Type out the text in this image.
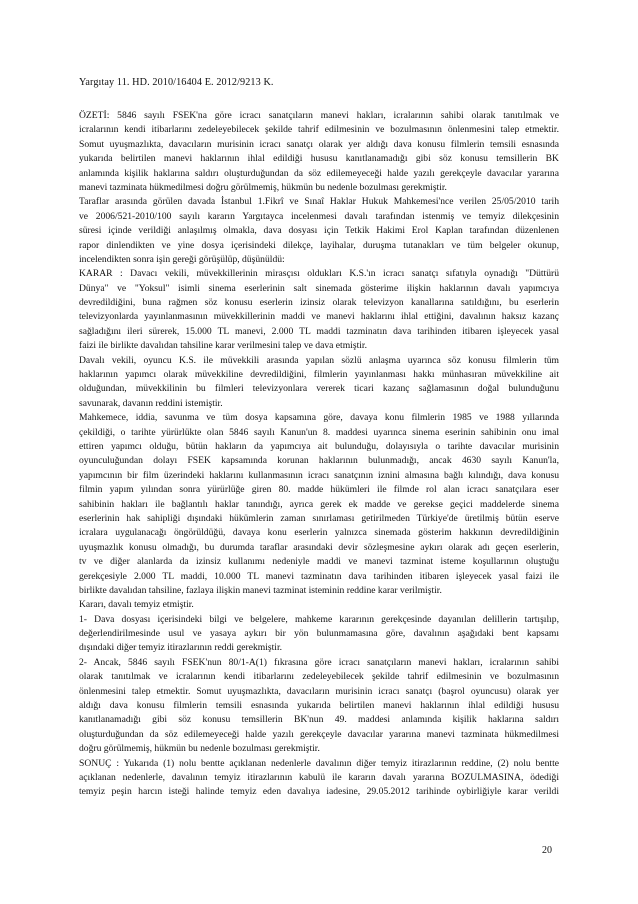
Yargıtay 11. HD. 2010/16404 E. 2012/9213 K.
ÖZETİ: 5846 sayılı FSEK'na göre icracı sanatçıların manevi hakları, icralarının sahibi olarak tanıtılmak ve
icralarının kendi itibarlarını zedeleyebilecek şekilde tahrif edilmesinin ve bozulmasının önlenmesini talep etmektir.
Somut uyuşmazlıkta, davacıların murisinin icracı sanatçı olarak yer aldığı dava konusu filmlerin temsili esnasında
yukarıda belirtilen manevi haklarının ihlal edildiği hususu kanıtlanamadığı gibi söz konusu temsillerin BK
anlamında kişilik haklarına saldırı oluşturduğundan da söz edilemeyeceği halde yazılı gerekçeyle davacılar yararına
manevi tazminata hükmedilmesi doğru görülmemiş, hükmün bu nedenle bozulması gerekmiştir.
Taraflar arasında görülen davada İstanbul 1.Fikrî ve Sınaî Haklar Hukuk Mahkemesi'nce verilen 25/05/2010 tarih
ve 2006/521-2010/100 sayılı kararın Yargıtayca incelenmesi davalı tarafından istenmiş ve temyiz dilekçesinin
süresi içinde verildiği anlaşılmış olmakla, dava dosyası için Tetkik Hakimi Erol Kaplan tarafından düzenlenen
rapor dinlendikten ve yine dosya içerisindeki dilekçe, layihalar, duruşma tutanakları ve tüm belgeler okunup,
incelendikten sonra işin gereği görüşülüp, düşünüldü:
KARAR : Davacı vekili, müvekkillerinin mirasçısı oldukları K.S.'ın icracı sanatçı sıfatıyla oynadığı "Düttürü
Dünya" ve "Yoksul" isimli sinema eserlerinin salt sinemada gösterime ilişkin haklarının davalı yapımcıya
devredildiğini, buna rağmen söz konusu eserlerin izinsiz olarak televizyon kanallarına satıldığını, bu eserlerin
televizyonlarda yayınlanmasının müvekkillerinin maddi ve manevi haklarını ihlal ettiğini, davalının haksız kazanç
sağladığını ileri sürerek, 15.000 TL manevi, 2.000 TL maddi tazminatın dava tarihinden itibaren işleyecek yasal
faizi ile birlikte davalıdan tahsiline karar verilmesini talep ve dava etmiştir.
Davalı vekili, oyuncu K.S. ile müvekkili arasında yapılan sözlü anlaşma uyarınca söz konusu filmlerin tüm
haklarının yapımcı olarak müvekkiline devredildiğini, filmlerin yayınlanması hakkı münhasıran müvekkiline ait
olduğundan, müvekkilinin bu filmleri televizyonlara vererek ticari kazanç sağlamasının doğal bulunduğunu
savunarak, davanın reddini istemiştir.
Mahkemece, iddia, savunma ve tüm dosya kapsamına göre, davaya konu filmlerin 1985 ve 1988 yıllarında
çekildiği, o tarihte yürürlükte olan 5846 sayılı Kanun'un 8. maddesi uyarınca sinema eserinin sahibinin onu imal
ettiren yapımcı olduğu, bütün hakların da yapımcıya ait bulunduğu, dolayısıyla o tarihte davacılar murisinin
oyunculuğundan dolayı FSEK kapsamında korunan haklarının bulunmadığı, ancak 4630 sayılı Kanun'la,
yapımcının bir film üzerindeki haklarını kullanmasının icracı sanatçının iznini almasına bağlı kılındığı, dava konusu
filmin yapım yılından sonra yürürlüğe giren 80. madde hükümleri ile filmde rol alan icracı sanatçılara eser
sahibinin hakları ile bağlantılı haklar tanındığı, ayrıca gerek ek madde ve gerekse geçici maddelerde sinema
eserlerinin hak sahipliği dışındaki hükümlerin zaman sınırlaması getirilmeden Türkiye'de üretilmiş bütün eserve
icralara uygulanacağı öngörüldüğü, davaya konu eserlerin yalnızca sinemada gösterim hakkının devredildiğinin
uyuşmazlık konusu olmadığı, bu durumda taraflar arasındaki devir sözleşmesine aykırı olarak adı geçen eserlerin,
tv ve diğer alanlarda da izinsiz kullanımı nedeniyle maddi ve manevi tazminat isteme koşullarının oluştuğu
gerekçesiyle 2.000 TL maddi, 10.000 TL manevi tazminatın dava tarihinden itibaren işleyecek yasal faizi ile
birlikte davalıdan tahsiline, fazlaya ilişkin manevi tazminat isteminin reddine karar verilmiştir.
Kararı, davalı temyiz etmiştir.
1- Dava dosyası içerisindeki bilgi ve belgelere, mahkeme kararının gerekçesinde dayanılan delillerin tartışılıp,
değerlendirilmesinde usul ve yasaya aykırı bir yön bulunmamasına göre, davalının aşağıdaki bent kapsamı
dışındaki diğer temyiz itirazlarının reddi gerekmiştir.
2- Ancak, 5846 sayılı FSEK'nun 80/1-A(1) fıkrasına göre icracı sanatçıların manevi hakları, icralarının sahibi
olarak tanıtılmak ve icralarının kendi itibarlarını zedeleyebilecek şekilde tahrif edilmesinin ve bozulmasının
önlenmesini talep etmektir. Somut uyuşmazlıkta, davacıların murisinin icracı sanatçı (başrol oyuncusu) olarak yer
aldığı dava konusu filmlerin temsili esnasında yukarıda belirtilen manevi haklarının ihlal edildiği hususu
kanıtlanamadığı gibi söz konusu temsillerin BK'nun 49. maddesi anlamında kişilik haklarına saldırı
oluşturduğundan da söz edilemeyeceği halde yazılı gerekçeyle davacılar yararına manevi tazminata hükmedilmesi
doğru görülmemiş, hükmün bu nedenle bozulması gerekmiştir.
SONUÇ : Yukarıda (1) nolu bentte açıklanan nedenlerle davalının diğer temyiz itirazlarının reddine, (2) nolu bentte
açıklanan nedenlerle, davalının temyiz itirazlarının kabulü ile kararın davalı yararına BOZULMASINA, ödediği
temyiz peşin harcın isteği halinde temyiz eden davalıya iadesine, 29.05.2012 tarihinde oybirliğiyle karar verildi
20
